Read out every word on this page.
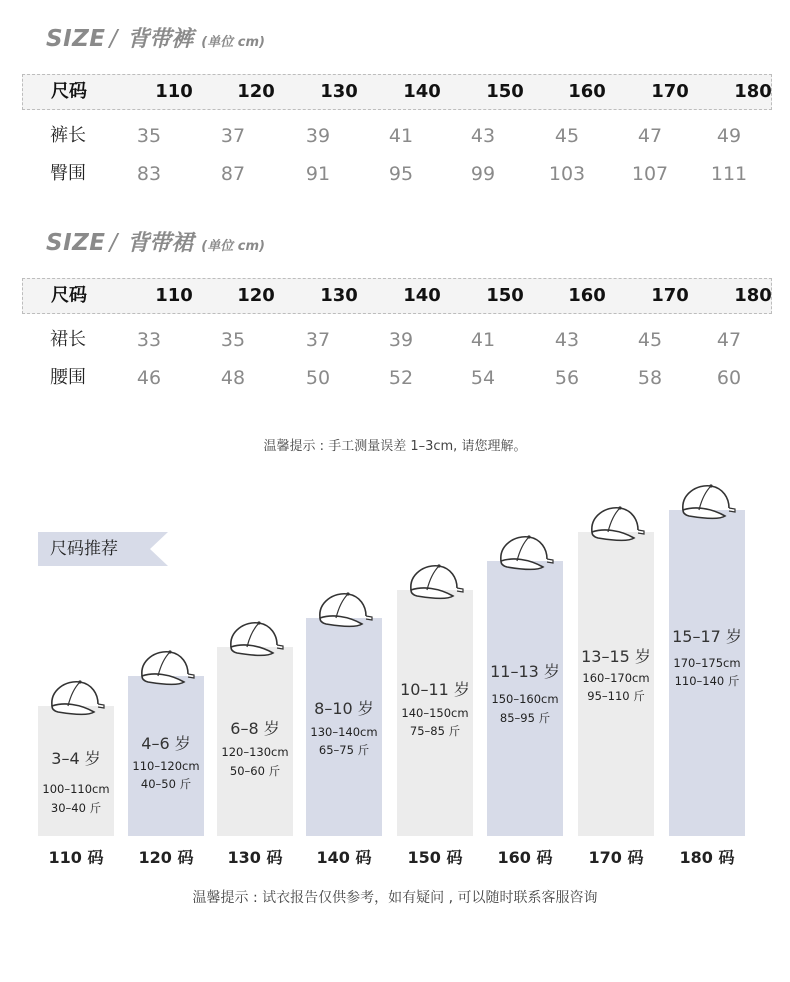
SIZE / 背带裤 (单位 cm)
尺码	110	120	130	140	150	160	170	180
裤长	35	37	39	41	43	45	47	49
臀围	83	87	91	95	99	103	107	111
SIZE / 背带裙 (单位 cm)
尺码	110	120	130	140	150	160	170	180
裙长	33	35	37	39	41	43	45	47
腰围	46	48	50	52	54	56	58	60
温馨提示 : 手工测量误差 1–3cm, 请您理解。
尺码推荐
3–4 岁
100–110cm
30–40 斤
4–6 岁
110–120cm
40–50 斤
6–8 岁
120–130cm
50–60 斤
8–10 岁
130–140cm
65–75 斤
10–11 岁
140–150cm
75–85 斤
11–13 岁
150–160cm
85–95 斤
13–15 岁
160–170cm
95–110 斤
15–17 岁
170–175cm
110–140 斤
110 码	120 码	130 码	140 码	150 码	160 码	170 码	180 码
温馨提示 : 试衣报告仅供参考，如有疑问 , 可以随时联系客服咨询
